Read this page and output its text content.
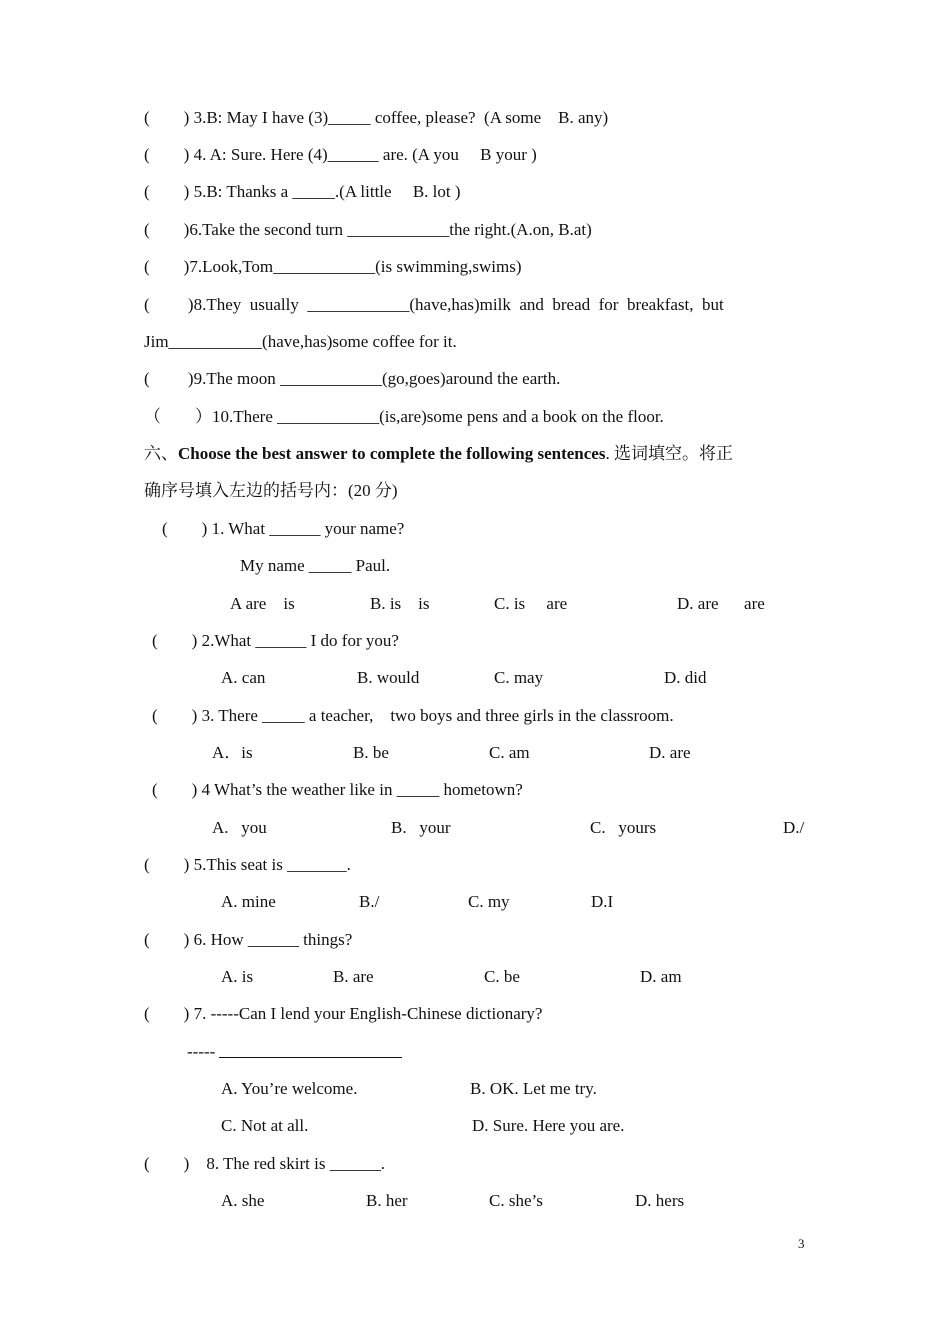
(        ) 3.B: May I have (3)_____ coffee, please?  (A some    B. any)
(        ) 4. A: Sure. Here (4)______ are. (A you     B your )
(        ) 5.B: Thanks a _____.(A little     B. lot )
(        )6.Take the second turn ____________the right.(A.on, B.at)
(        )7.Look,Tom____________(is swimming,swims)
(         )8.They  usually  ____________(have,has)milk  and  bread  for  breakfast,  but
Jim___________(have,has)some coffee for it.
(         )9.The moon ____________(go,goes)around the earth.
（        ）10.There ____________(is,are)some pens and a book on the floor.
六、Choose the best answer to complete the following sentences. 选词填空。将正
确序号填入左边的括号内：(20 分)
(        ) 1. What ______ your name?
My name _____ Paul.
A are    is	B. is    is	C. is     are	D. are      are
(        ) 2.What ______ I do for you?
A. can	B. would	C. may	D. did
(        ) 3. There _____ a teacher,    two boys and three girls in the classroom.
A．is	B. be	C. am	D. are
(        ) 4 What’s the weather like in _____ hometown?
A.   you	B.   your	C.   yours	D./
(        ) 5.This seat is _______.
A. mine	B./	C. my	D.I
(        ) 6. How ______ things?
A. is	B. are	C. be	D. am
(        ) 7. -----Can I lend your English-Chinese dictionary?
-----
A. You’re welcome.	B. OK. Let me try.
C. Not at all.	D. Sure. Here you are.
(        )    8. The red skirt is ______.
A. she	B. her	C. she’s	D. hers
3
